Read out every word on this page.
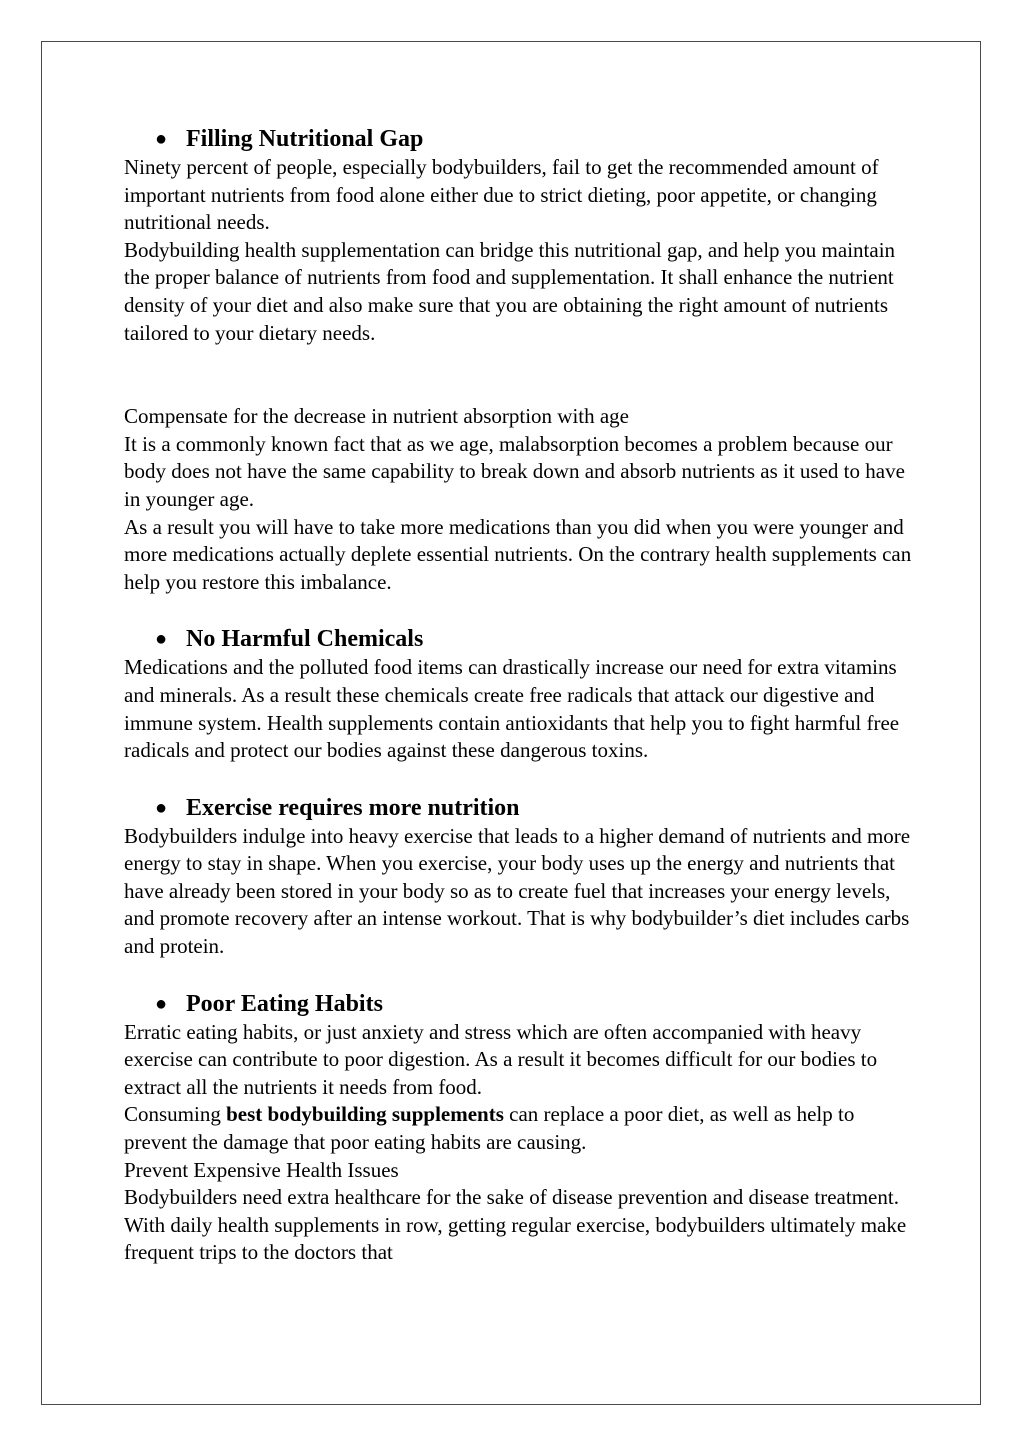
● Filling Nutritional Gap

Ninety percent of people, especially bodybuilders, fail to get the recommended amount of important nutrients from food alone either due to strict dieting, poor appetite, or changing nutritional needs.

Bodybuilding health supplementation can bridge this nutritional gap, and help you maintain the proper balance of nutrients from food and supplementation. It shall enhance the nutrient density of your diet and also make sure that you are obtaining the right amount of nutrients tailored to your dietary needs.

Compensate for the decrease in nutrient absorption with age

It is a commonly known fact that as we age, malabsorption becomes a problem because our body does not have the same capability to break down and absorb nutrients as it used to have in younger age.

As a result you will have to take more medications than you did when you were younger and more medications actually deplete essential nutrients. On the contrary health supplements can help you restore this imbalance.

● No Harmful Chemicals

Medications and the polluted food items can drastically increase our need for extra vitamins and minerals. As a result these chemicals create free radicals that attack our digestive and immune system. Health supplements contain antioxidants that help you to fight harmful free radicals and protect our bodies against these dangerous toxins.

● Exercise requires more nutrition

Bodybuilders indulge into heavy exercise that leads to a higher demand of nutrients and more energy to stay in shape. When you exercise, your body uses up the energy and nutrients that have already been stored in your body so as to create fuel that increases your energy levels, and promote recovery after an intense workout. That is why bodybuilder’s diet includes carbs and protein.

● Poor Eating Habits

Erratic eating habits, or just anxiety and stress which are often accompanied with heavy exercise can contribute to poor digestion. As a result it becomes difficult for our bodies to extract all the nutrients it needs from food.

Consuming best bodybuilding supplements can replace a poor diet, as well as help to prevent the damage that poor eating habits are causing.

Prevent Expensive Health Issues

Bodybuilders need extra healthcare for the sake of disease prevention and disease treatment. With daily health supplements in row, getting regular exercise, bodybuilders ultimately make frequent trips to the doctors that
